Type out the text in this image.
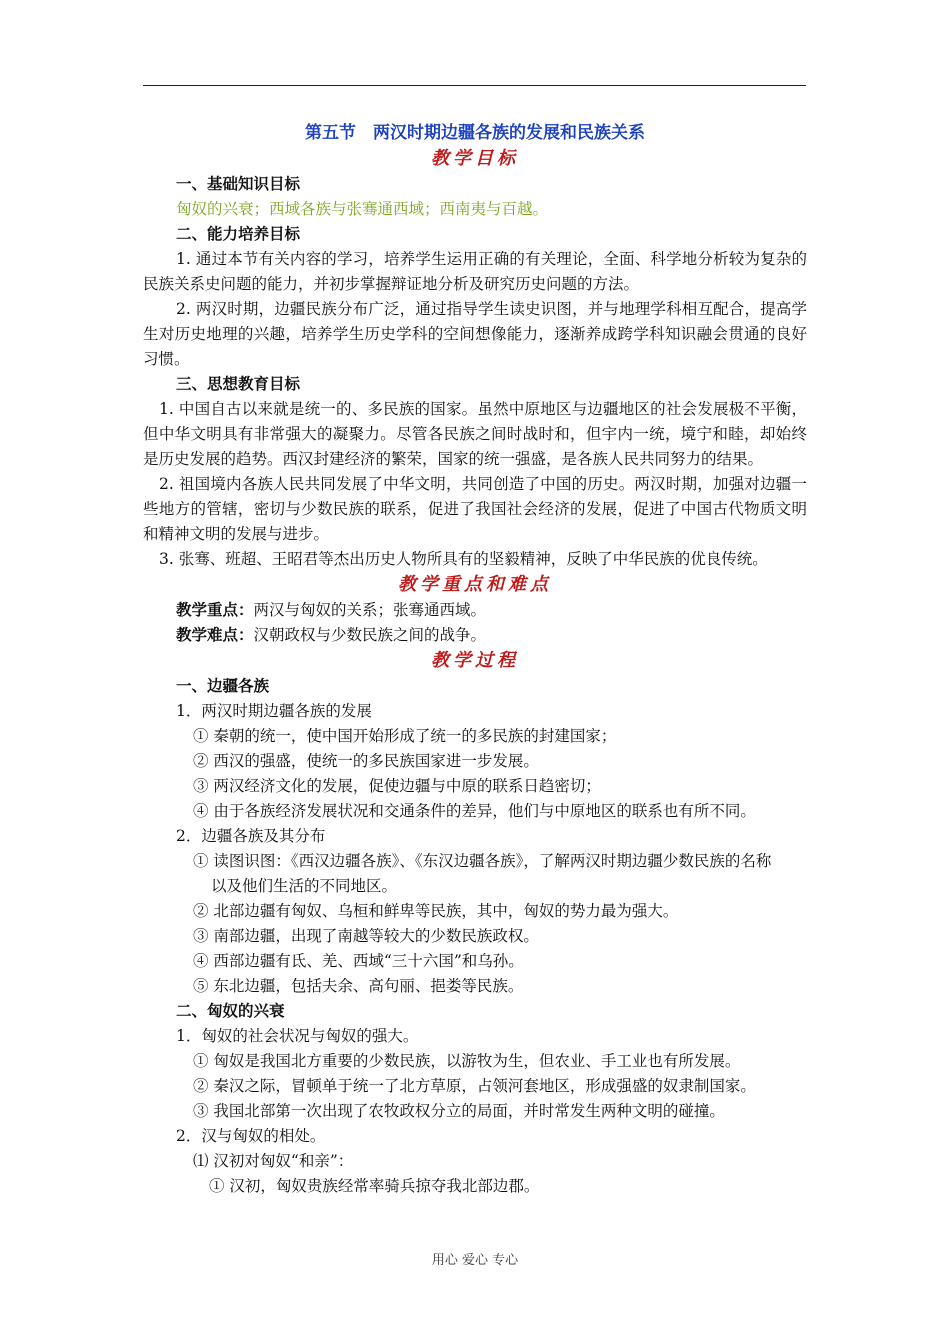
第五节　两汉时期边疆各族的发展和民族关系
教学目标
一、基础知识目标
匈奴的兴衰；西域各族与张骞通西域；西南夷与百越。
二、能力培养目标
1. 通过本节有关内容的学习，培养学生运用正确的有关理论，全面、科学地分析较为复杂的民族关系史问题的能力，并初步掌握辩证地分析及研究历史问题的方法。
2. 两汉时期，边疆民族分布广泛，通过指导学生读史识图，并与地理学科相互配合，提高学生对历史地理的兴趣，培养学生历史学科的空间想像能力，逐渐养成跨学科知识融会贯通的良好习惯。
三、思想教育目标
1. 中国自古以来就是统一的、多民族的国家。虽然中原地区与边疆地区的社会发展极不平衡，但中华文明具有非常强大的凝聚力。尽管各民族之间时战时和，但宇内一统，境宁和睦，却始终是历史发展的趋势。西汉封建经济的繁荣，国家的统一强盛，是各族人民共同努力的结果。
2. 祖国境内各族人民共同发展了中华文明，共同创造了中国的历史。两汉时期，加强对边疆一些地方的管辖，密切与少数民族的联系，促进了我国社会经济的发展，促进了中国古代物质文明和精神文明的发展与进步。
3. 张骞、班超、王昭君等杰出历史人物所具有的坚毅精神，反映了中华民族的优良传统。
教学重点和难点
教学重点：两汉与匈奴的关系；张骞通西域。
教学难点：汉朝政权与少数民族之间的战争。
教学过程
一、边疆各族
1．两汉时期边疆各族的发展
① 秦朝的统一，使中国开始形成了统一的多民族的封建国家；
② 西汉的强盛，使统一的多民族国家进一步发展。
③ 两汉经济文化的发展，促使边疆与中原的联系日趋密切；
④ 由于各族经济发展状况和交通条件的差异，他们与中原地区的联系也有所不同。
2．边疆各族及其分布
① 读图识图：《西汉边疆各族》、《东汉边疆各族》，了解两汉时期边疆少数民族的名称
以及他们生活的不同地区。
② 北部边疆有匈奴、乌桓和鲜卑等民族，其中，匈奴的势力最为强大。
③ 南部边疆，出现了南越等较大的少数民族政权。
④ 西部边疆有氐、羌、西域“三十六国”和乌孙。
⑤ 东北边疆，包括夫余、高句丽、挹娄等民族。
二、匈奴的兴衰
1．匈奴的社会状况与匈奴的强大。
① 匈奴是我国北方重要的少数民族，以游牧为生，但农业、手工业也有所发展。
② 秦汉之际，冒顿单于统一了北方草原，占领河套地区，形成强盛的奴隶制国家。
③ 我国北部第一次出现了农牧政权分立的局面，并时常发生两种文明的碰撞。
2．汉与匈奴的相处。
⑴ 汉初对匈奴“和亲”：
① 汉初，匈奴贵族经常率骑兵掠夺我北部边郡。
用心 爱心 专心
